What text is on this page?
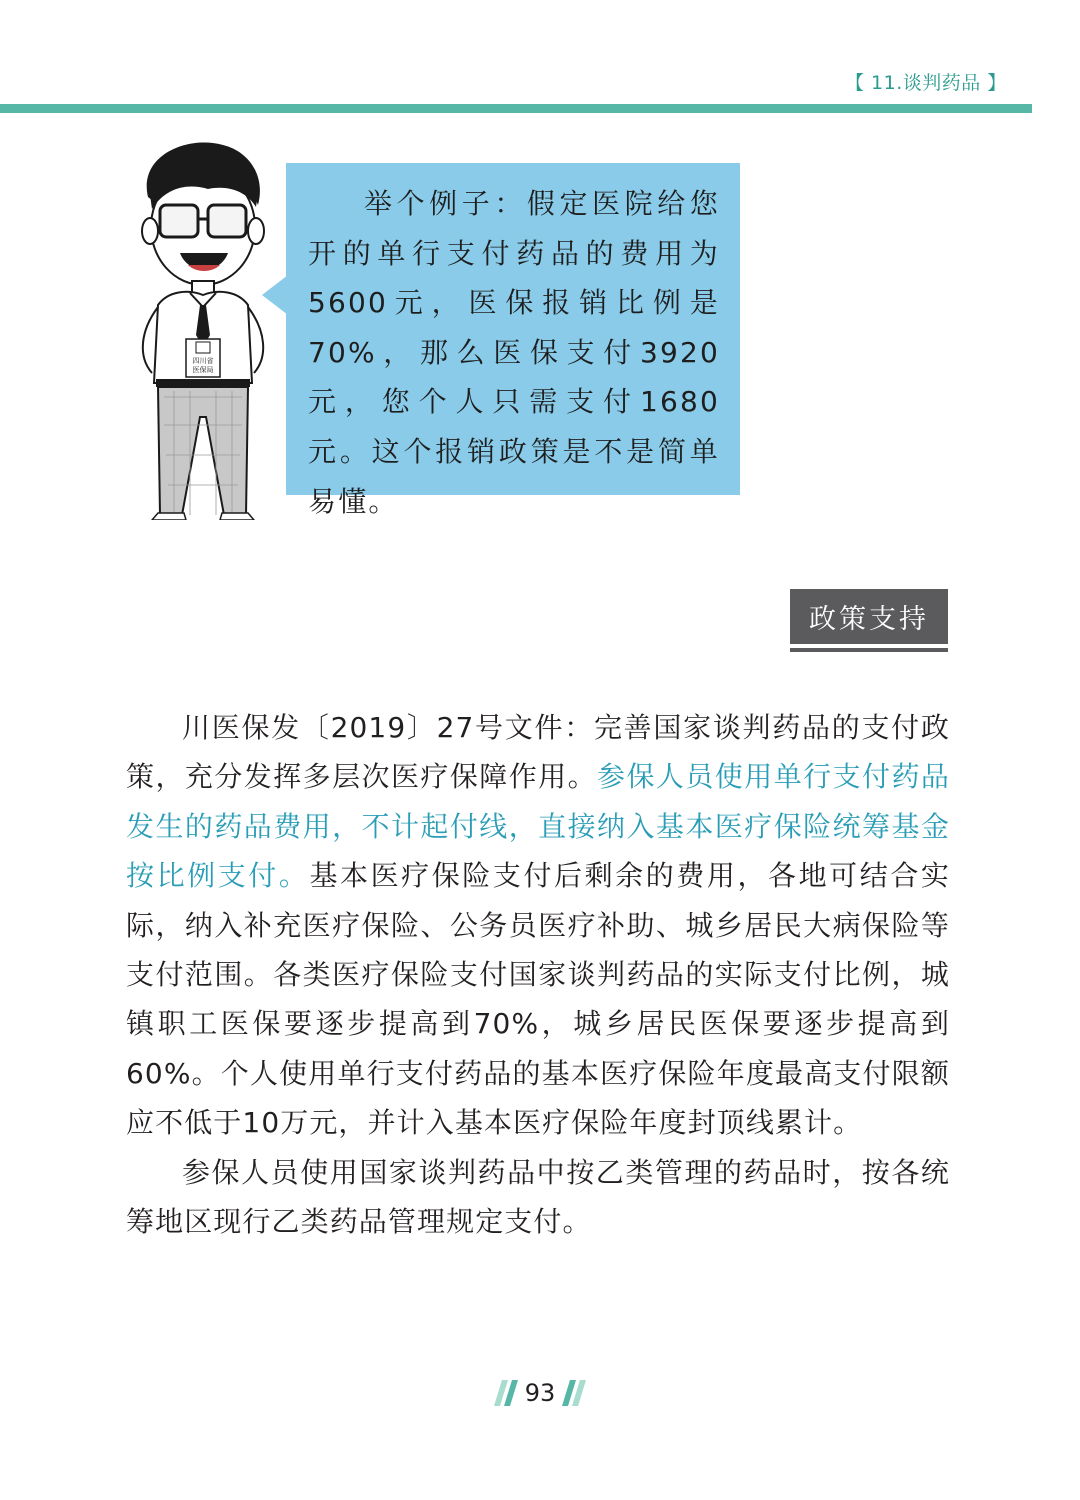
【 11.谈判药品 】
四川省
医保局

举个例子：假定医院给您开的单行支付药品的费用为5600元，医保报销比例是70%，那么医保支付3920元，您个人只需支付1680元。这个报销政策是不是简单易懂。

政策支持

川医保发〔2019〕27号文件：完善国家谈判药品的支付政策，充分发挥多层次医疗保障作用。参保人员使用单行支付药品发生的药品费用，不计起付线，直接纳入基本医疗保险统筹基金按比例支付。基本医疗保险支付后剩余的费用，各地可结合实际，纳入补充医疗保险、公务员医疗补助、城乡居民大病保险等支付范围。各类医疗保险支付国家谈判药品的实际支付比例，城镇职工医保要逐步提高到70%，城乡居民医保要逐步提高到60%。个人使用单行支付药品的基本医疗保险年度最高支付限额应不低于10万元，并计入基本医疗保险年度封顶线累计。

参保人员使用国家谈判药品中按乙类管理的药品时，按各统筹地区现行乙类药品管理规定支付。

93
